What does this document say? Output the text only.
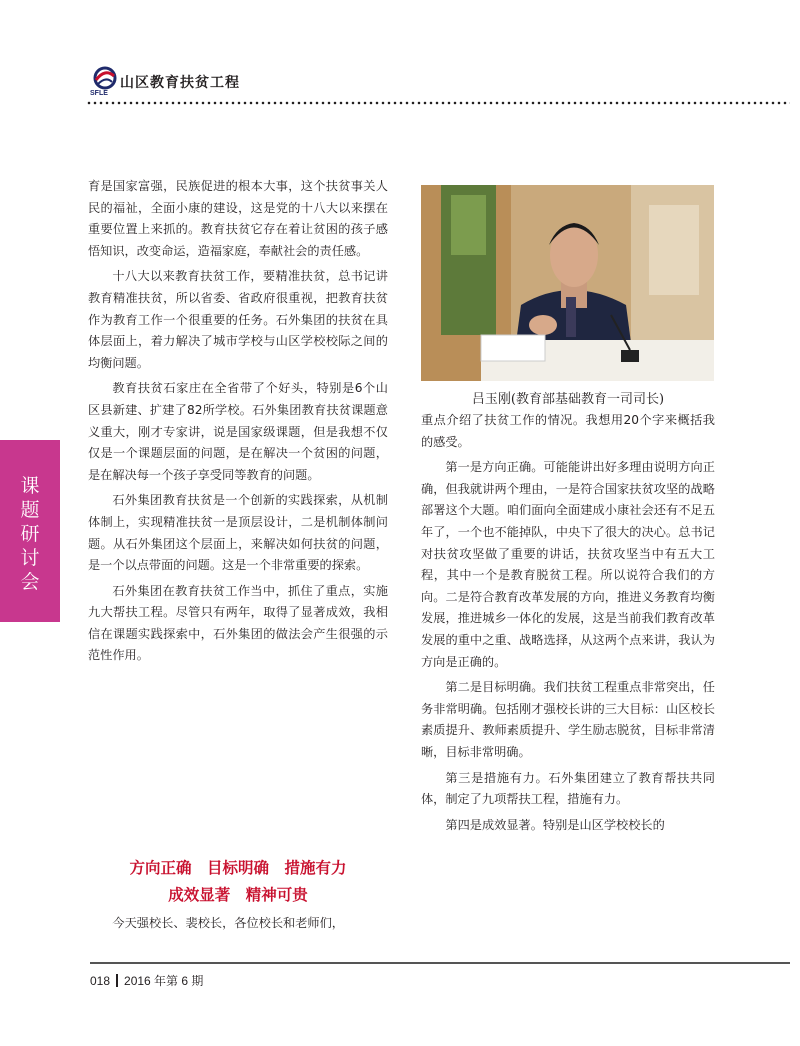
SFLE
山区教育扶贫工程
课
题
研
讨
会

育是国家富强，民族促进的根本大事，这个扶贫事关人民的福祉，全面小康的建设，这是党的十八大以来摆在重要位置上来抓的。教育扶贫它存在着让贫困的孩子感悟知识，改变命运，造福家庭，奉献社会的责任感。

十八大以来教育扶贫工作，要精准扶贫，总书记讲教育精准扶贫，所以省委、省政府很重视，把教育扶贫作为教育工作一个很重要的任务。石外集团的扶贫在具体层面上，着力解决了城市学校与山区学校校际之间的均衡问题。

教育扶贫石家庄在全省带了个好头，特别是6个山区县新建、扩建了82所学校。石外集团教育扶贫课题意义重大，刚才专家讲，说是国家级课题，但是我想不仅仅是一个课题层面的问题，是在解决一个贫困的问题，是在解决每一个孩子享受同等教育的问题。

石外集团教育扶贫是一个创新的实践探索，从机制体制上，实现精准扶贫一是顶层设计，二是机制体制问题。从石外集团这个层面上，来解决如何扶贫的问题，是一个以点带面的问题。这是一个非常重要的探索。

石外集团在教育扶贫工作当中，抓住了重点，实施九大帮扶工程。尽管只有两年，取得了显著成效，我相信在课题实践探索中，石外集团的做法会产生很强的示范性作用。

方向正确　目标明确　措施有力
成效显著　精神可贵
今天强校长、裴校长，各位校长和老师们，
吕玉刚(教育部基础教育一司司长)

重点介绍了扶贫工作的情况。我想用20个字来概括我的感受。

第一是方向正确。可能能讲出好多理由说明方向正确，但我就讲两个理由，一是符合国家扶贫攻坚的战略部署这个大题。咱们面向全面建成小康社会还有不足五年了，一个也不能掉队，中央下了很大的决心。总书记对扶贫攻坚做了重要的讲话，扶贫攻坚当中有五大工程，其中一个是教育脱贫工程。所以说符合我们的方向。二是符合教育改革发展的方向，推进义务教育均衡发展，推进城乡一体化的发展，这是当前我们教育改革发展的重中之重、战略选择，从这两个点来讲，我认为方向是正确的。

第二是目标明确。我们扶贫工程重点非常突出，任务非常明确。包括刚才强校长讲的三大目标：山区校长素质提升、教师素质提升、学生励志脱贫，目标非常清晰，目标非常明确。

第三是措施有力。石外集团建立了教育帮扶共同体，制定了九项帮扶工程，措施有力。

第四是成效显著。特别是山区学校校长的

018 2016 年第 6 期
